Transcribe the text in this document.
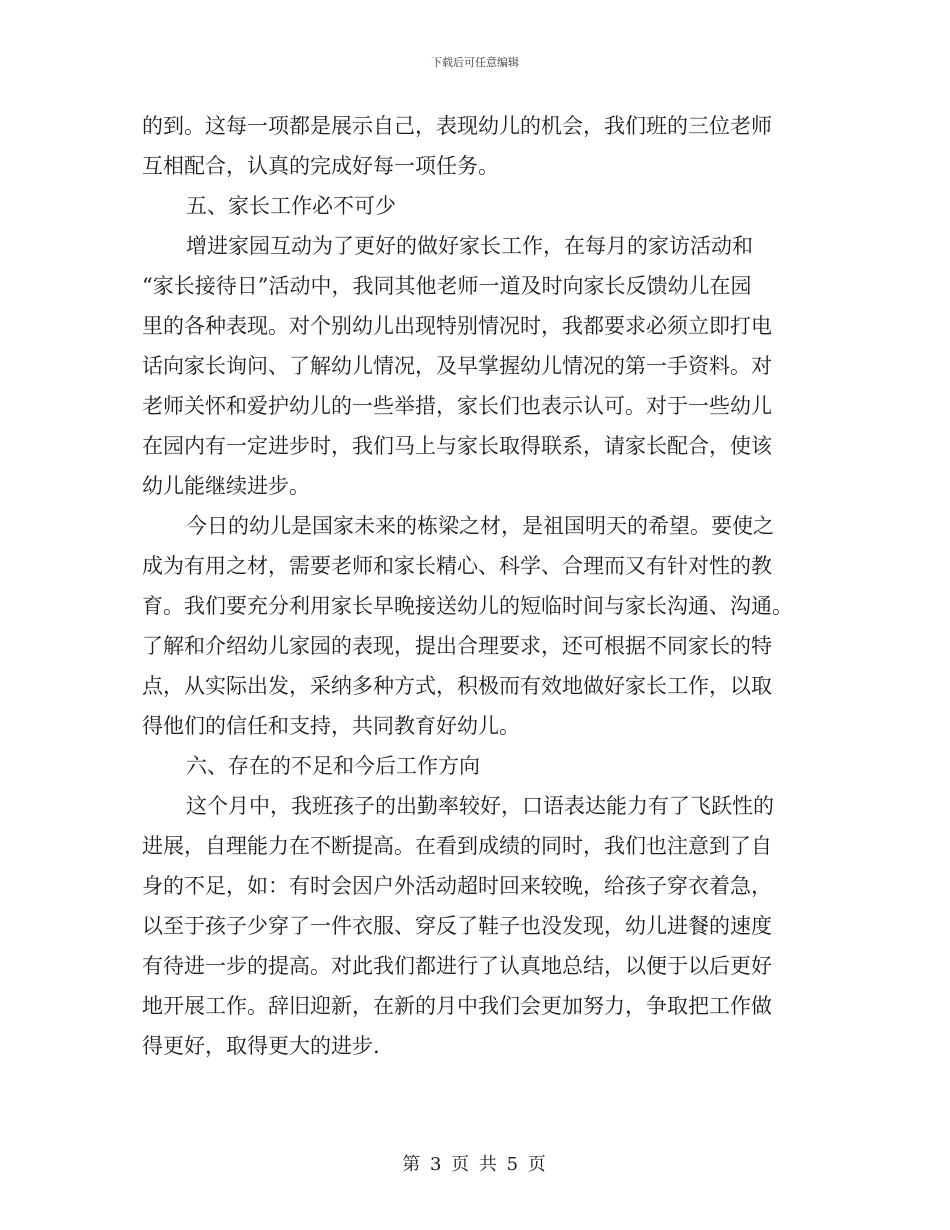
下载后可任意编辑
的到。这每一项都是展示自己，表现幼儿的机会，我们班的三位老师
互相配合，认真的完成好每一项任务。
五、家长工作必不可少
增进家园互动为了更好的做好家长工作，在每月的家访活动和
“家长接待日”活动中，我同其他老师一道及时向家长反馈幼儿在园
里的各种表现。对个别幼儿出现特别情况时，我都要求必须立即打电
话向家长询问、了解幼儿情况，及早掌握幼儿情况的第一手资料。对
老师关怀和爱护幼儿的一些举措，家长们也表示认可。对于一些幼儿
在园内有一定进步时，我们马上与家长取得联系，请家长配合，使该
幼儿能继续进步。
今日的幼儿是国家未来的栋梁之材，是祖国明天的希望。要使之
成为有用之材，需要老师和家长精心、科学、合理而又有针对性的教
育。我们要充分利用家长早晚接送幼儿的短临时间与家长沟通、沟通。
了解和介绍幼儿家园的表现，提出合理要求，还可根据不同家长的特
点，从实际出发，采纳多种方式，积极而有效地做好家长工作，以取
得他们的信任和支持，共同教育好幼儿。
六、存在的不足和今后工作方向
这个月中，我班孩子的出勤率较好，口语表达能力有了飞跃性的
进展，自理能力在不断提高。在看到成绩的同时，我们也注意到了自
身的不足，如：有时会因户外活动超时回来较晚，给孩子穿衣着急，
以至于孩子少穿了一件衣服、穿反了鞋子也没发现，幼儿进餐的速度
有待进一步的提高。对此我们都进行了认真地总结，以便于以后更好
地开展工作。辞旧迎新，在新的月中我们会更加努力，争取把工作做
得更好，取得更大的进步.
第 3 页 共 5 页
